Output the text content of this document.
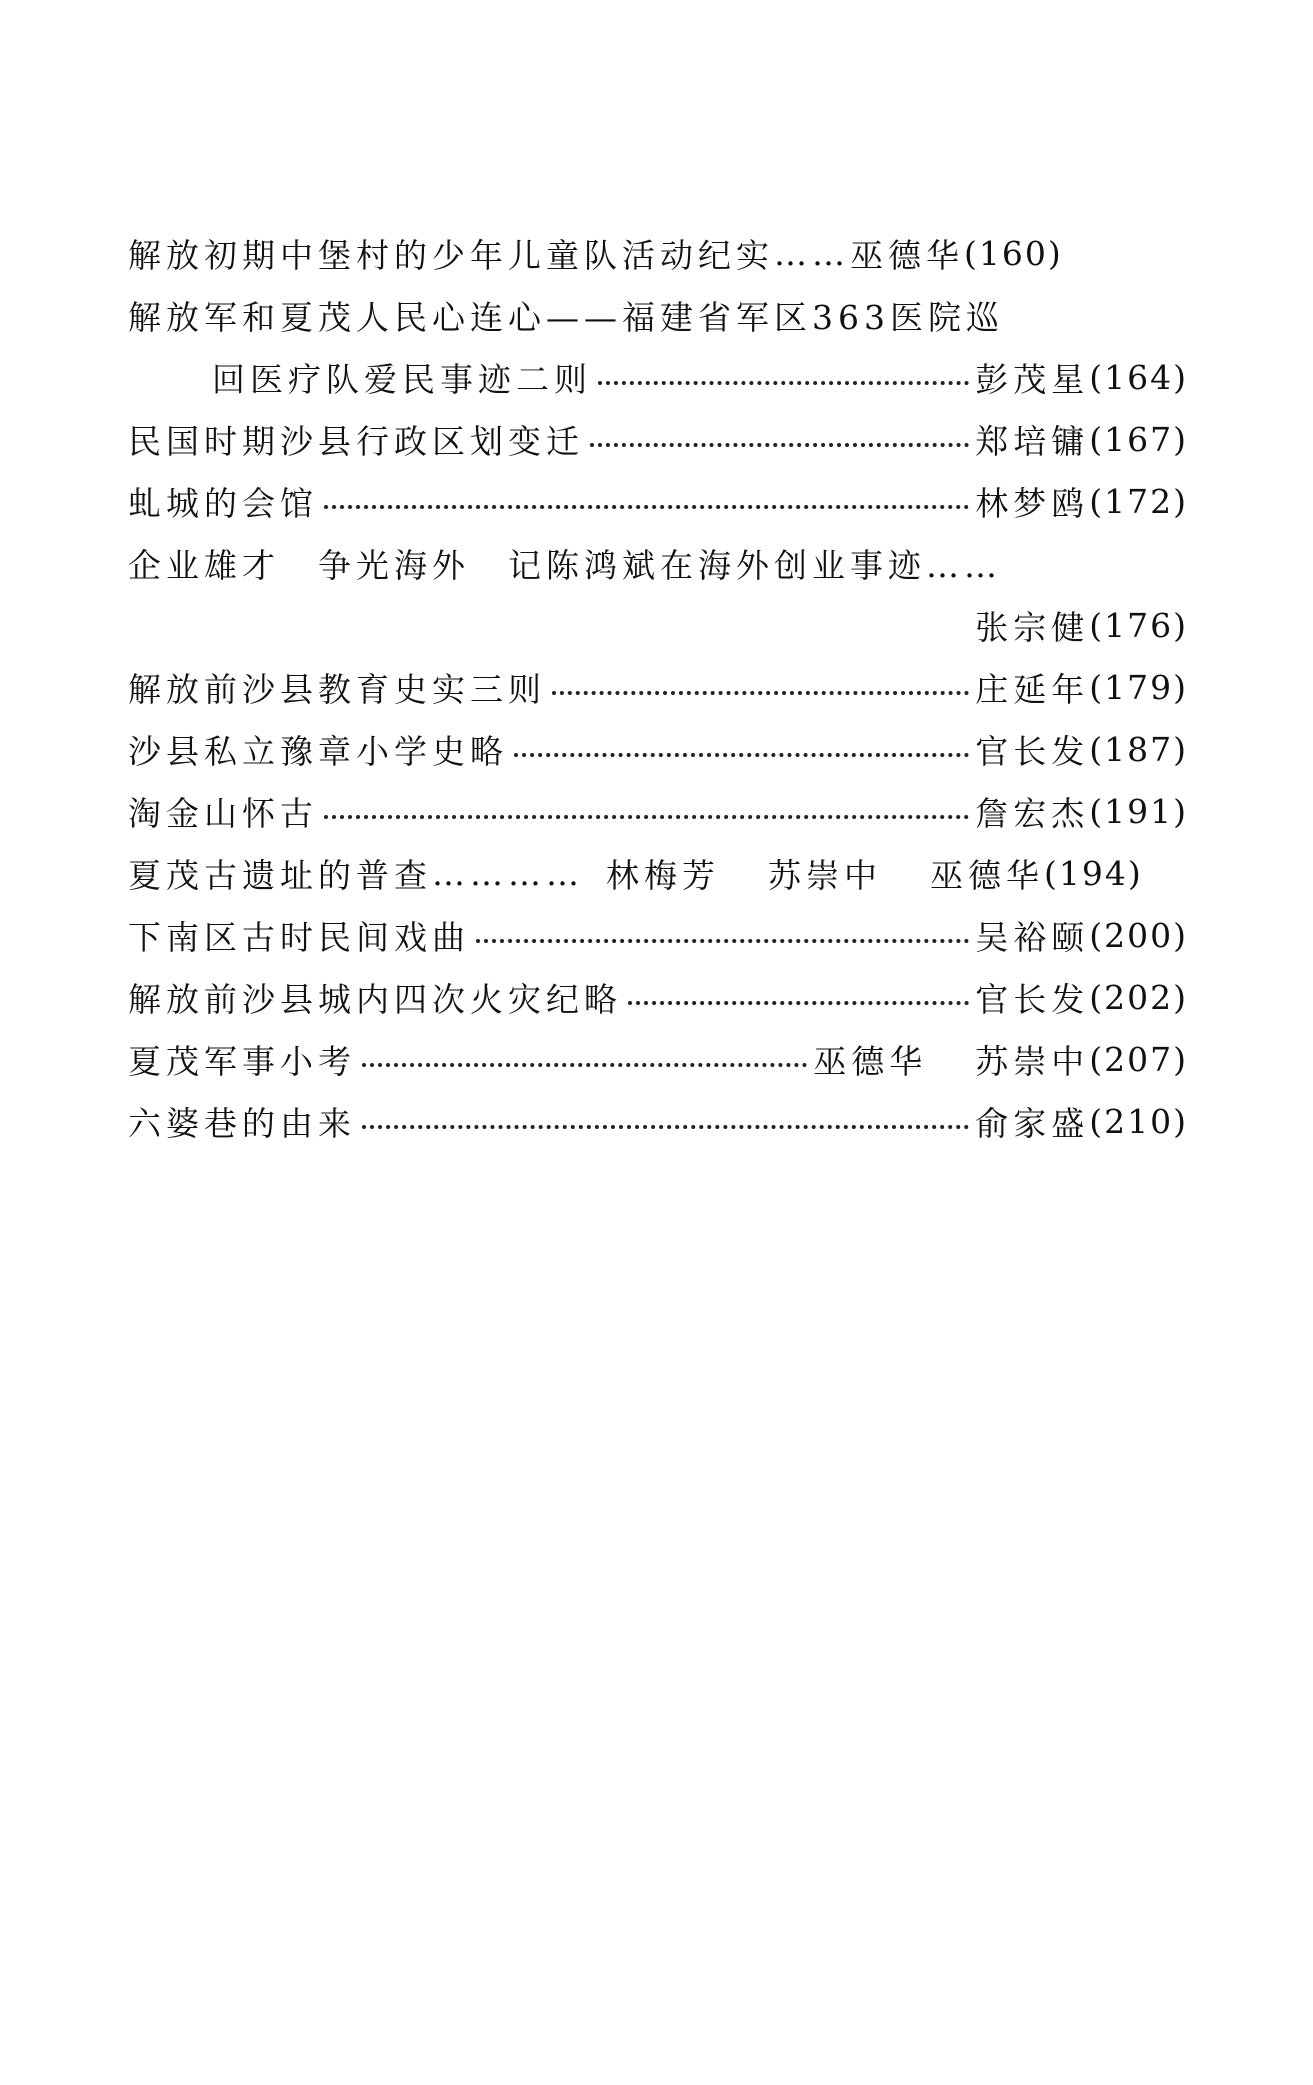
解放初期中堡村的少年儿童队活动纪实 …… 巫德华 (160)
解放军和夏茂人民心连心——福建省军区363医院巡
回医疗队爱民事迹二则	彭茂星 (164)
民国时期沙县行政区划变迁	郑培镛 (167)
虬城的会馆	林梦鸥 (172)
企业雄才　争光海外　记陈鸿斌在海外创业事迹……
张宗健 (176)
解放前沙县教育史实三则	庄延年 (179)
沙县私立豫章小学史略	官长发 (187)
淘金山怀古	詹宏杰 (191)
夏茂古遗址的普查 ………… 林梅芳 苏崇中 巫德华 (194)
下南区古时民间戏曲	吴裕颐 (200)
解放前沙县城内四次火灾纪略	官长发 (202)
夏茂军事小考	巫德华 苏崇中 (207)
六婆巷的由来	俞家盛 (210)
